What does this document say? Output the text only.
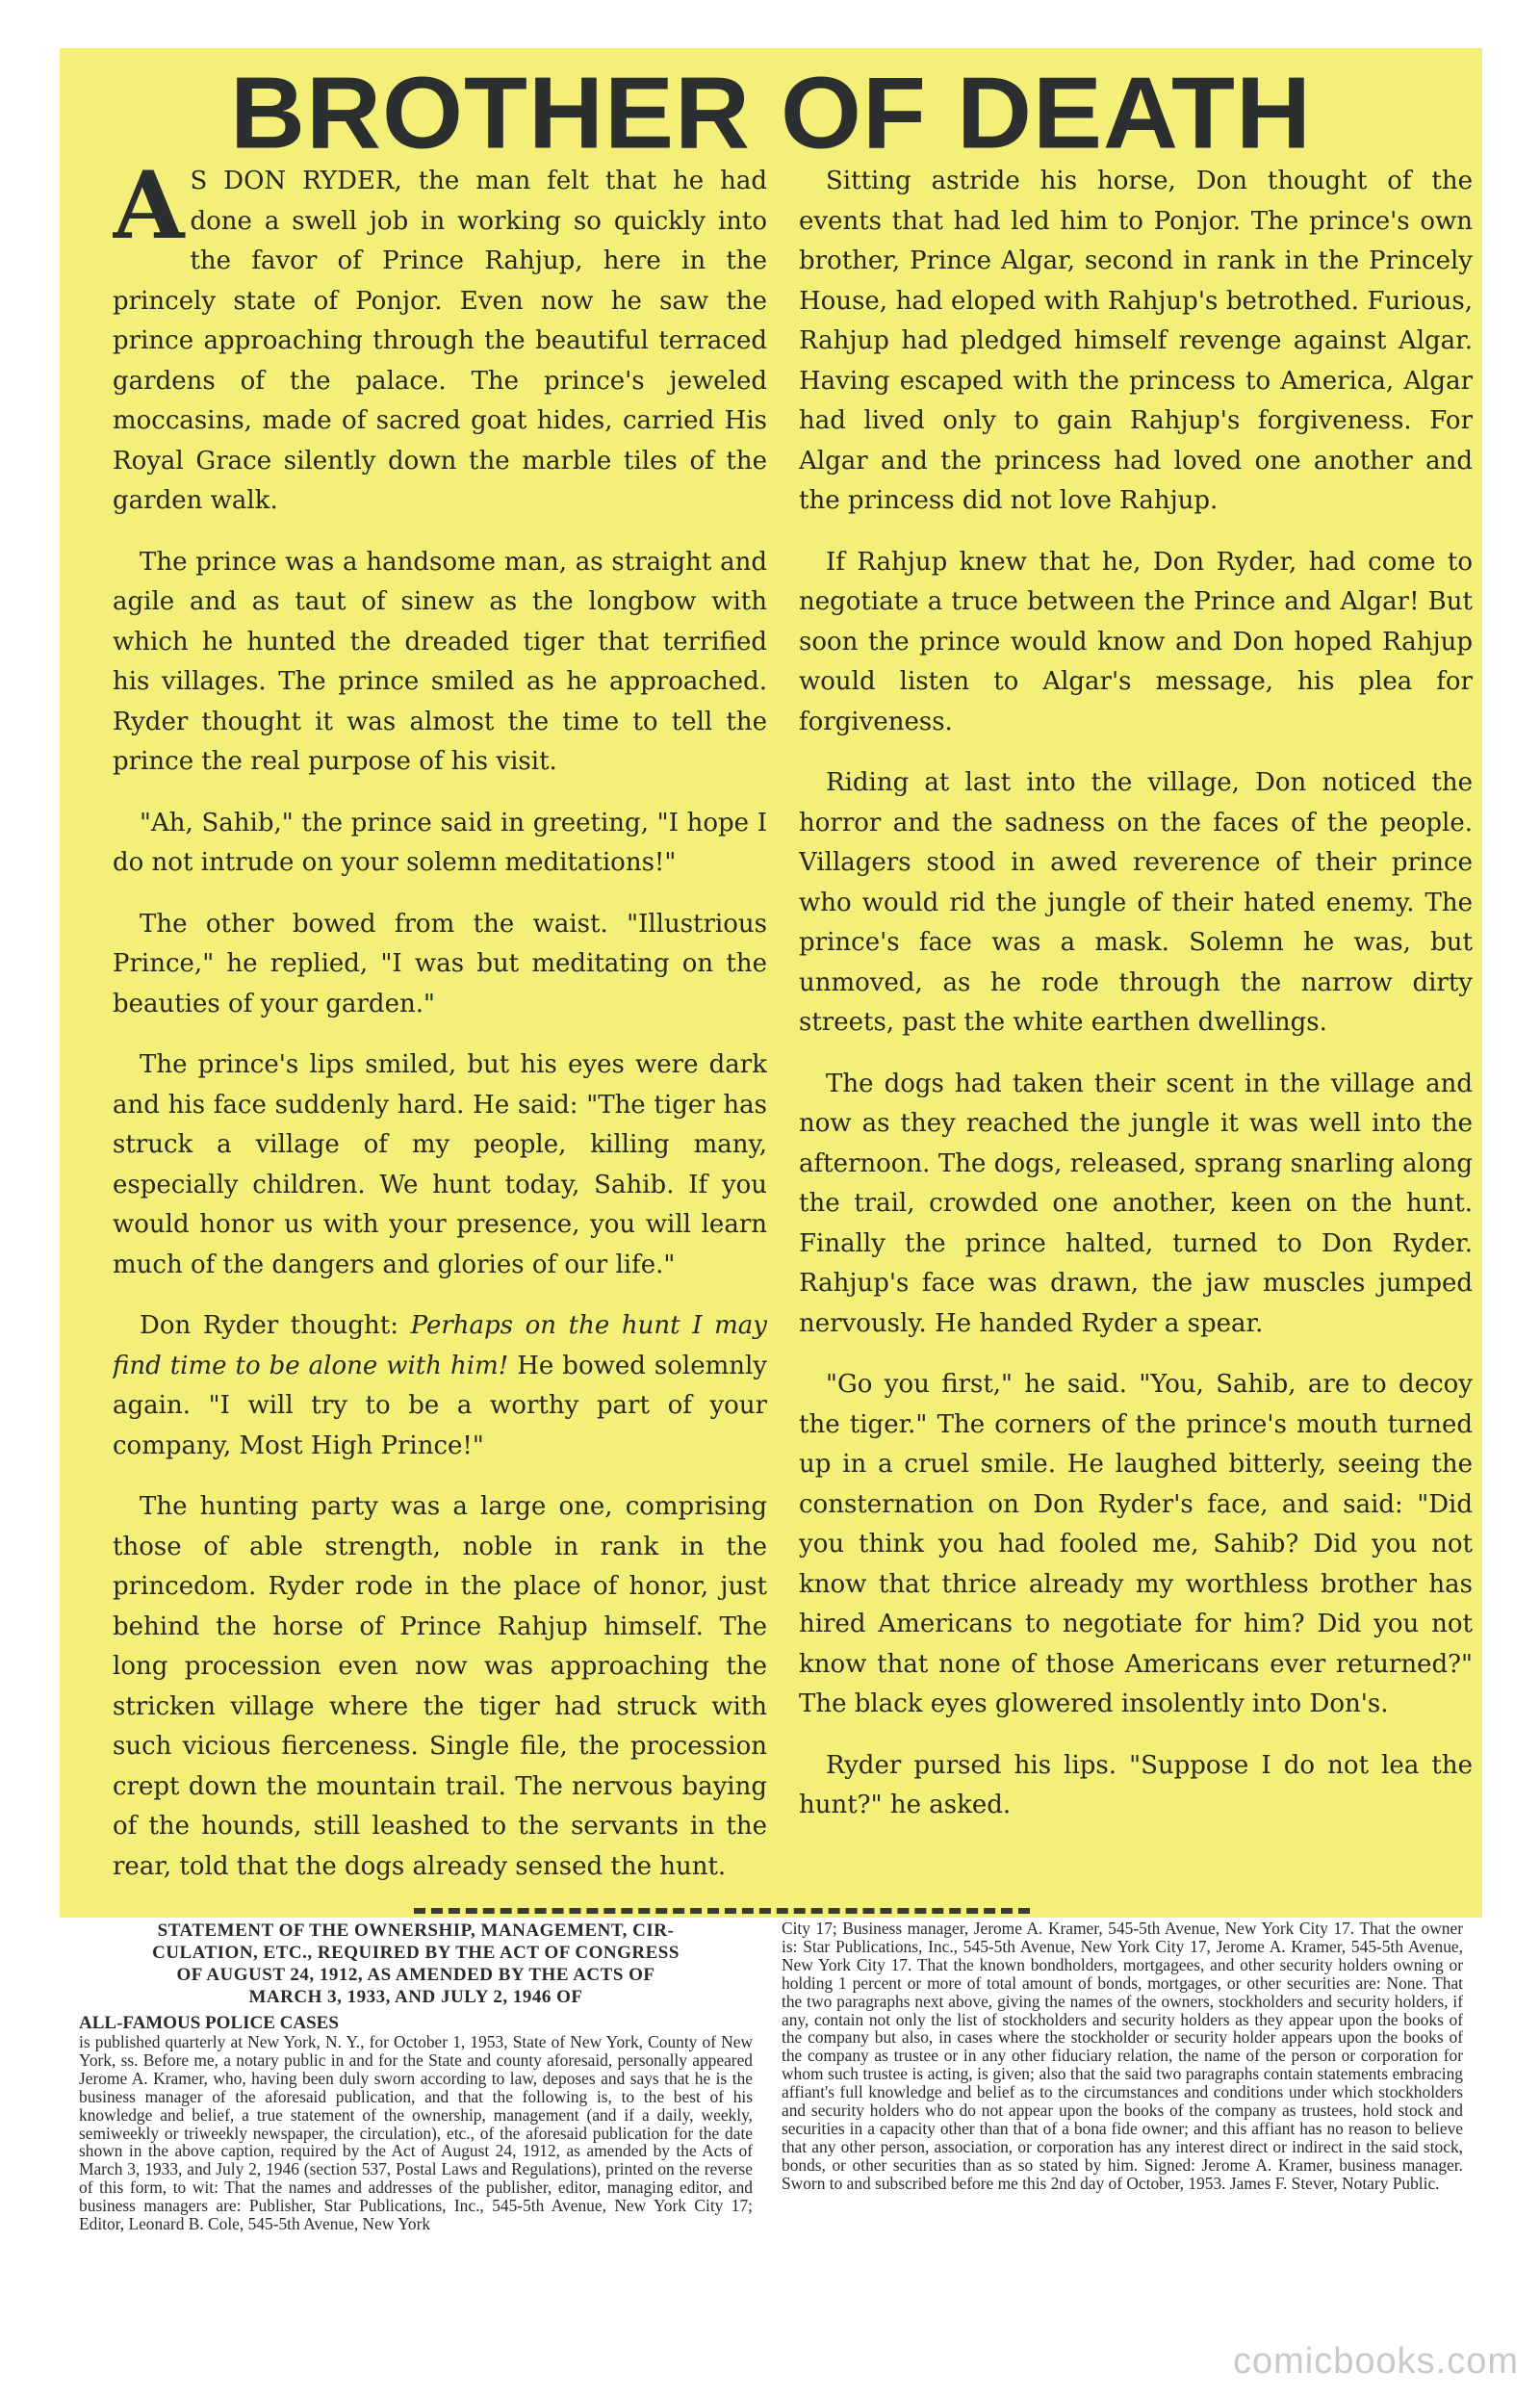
BROTHER OF DEATH

A S DON RYDER, the man felt that he had done a swell job in working so quickly into the favor of Prince Rahjup, here in the princely state of Ponjor. Even now he saw the prince approaching through the beautiful terraced gardens of the palace. The prince's jeweled moccasins, made of sacred goat hides, carried His Royal Grace silently down the marble tiles of the garden walk.

The prince was a handsome man, as straight and agile and as taut of sinew as the longbow with which he hunted the dreaded tiger that terrified his villages. The prince smiled as he approached. Ryder thought it was almost the time to tell the prince the real purpose of his visit.

"Ah, Sahib," the prince said in greeting, "I hope I do not intrude on your solemn meditations!"

The other bowed from the waist. "Illustrious Prince," he replied, "I was but meditating on the beauties of your garden."

The prince's lips smiled, but his eyes were dark and his face suddenly hard. He said: "The tiger has struck a village of my people, killing many, especially children. We hunt today, Sahib. If you would honor us with your presence, you will learn much of the dangers and glories of our life."

Don Ryder thought: Perhaps on the hunt I may find time to be alone with him! He bowed solemnly again. "I will try to be a worthy part of your company, Most High Prince!"

The hunting party was a large one, comprising those of able strength, noble in rank in the princedom. Ryder rode in the place of honor, just behind the horse of Prince Rahjup himself. The long procession even now was approaching the stricken village where the tiger had struck with such vicious fierceness. Single file, the procession crept down the mountain trail. The nervous baying of the hounds, still leashed to the servants in the rear, told that the dogs already sensed the hunt.

Sitting astride his horse, Don thought of the events that had led him to Ponjor. The prince's own brother, Prince Algar, second in rank in the Princely House, had eloped with Rahjup's betrothed. Furious, Rahjup had pledged himself revenge against Algar. Having escaped with the princess to America, Algar had lived only to gain Rahjup's forgiveness. For Algar and the princess had loved one another and the princess did not love Rahjup.

If Rahjup knew that he, Don Ryder, had come to negotiate a truce between the Prince and Algar! But soon the prince would know and Don hoped Rahjup would listen to Algar's message, his plea for forgiveness.

Riding at last into the village, Don noticed the horror and the sadness on the faces of the people. Villagers stood in awed reverence of their prince who would rid the jungle of their hated enemy. The prince's face was a mask. Solemn he was, but unmoved, as he rode through the narrow dirty streets, past the white earthen dwellings.

The dogs had taken their scent in the village and now as they reached the jungle it was well into the afternoon. The dogs, released, sprang snarling along the trail, crowded one another, keen on the hunt. Finally the prince halted, turned to Don Ryder. Rahjup's face was drawn, the jaw muscles jumped nervously. He handed Ryder a spear.

"Go you first," he said. "You, Sahib, are to decoy the tiger." The corners of the prince's mouth turned up in a cruel smile. He laughed bitterly, seeing the consternation on Don Ryder's face, and said: "Did you think you had fooled me, Sahib? Did you not know that thrice already my worthless brother has hired Americans to negotiate for him? Did you not know that none of those Americans ever returned?" The black eyes glowered insolently into Don's.

Ryder pursed his lips. "Suppose I do not lea the hunt?" he asked.

STATEMENT OF THE OWNERSHIP, MANAGEMENT, CIR-
CULATION, ETC., REQUIRED BY THE ACT OF CONGRESS
OF AUGUST 24, 1912, AS AMENDED BY THE ACTS OF
MARCH 3, 1933, AND JULY 2, 1946 OF

ALL-FAMOUS POLICE CASES

is published quarterly at New York, N. Y., for October 1, 1953, State of New York, County of New York, ss. Before me, a notary public in and for the State and county aforesaid, personally appeared Jerome A. Kramer, who, having been duly sworn according to law, deposes and says that he is the business manager of the aforesaid publication, and that the following is, to the best of his knowledge and belief, a true statement of the ownership, management (and if a daily, weekly, semiweekly or triweekly newspaper, the circulation), etc., of the aforesaid publication for the date shown in the above caption, required by the Act of August 24, 1912, as amended by the Acts of March 3, 1933, and July 2, 1946 (section 537, Postal Laws and Regulations), printed on the reverse of this form, to wit: That the names and addresses of the publisher, editor, managing editor, and business managers are: Publisher, Star Publications, Inc., 545-5th Avenue, New York City 17; Editor, Leonard B. Cole, 545-5th Avenue, New York

City 17; Business manager, Jerome A. Kramer, 545-5th Avenue, New York City 17. That the owner is: Star Publications, Inc., 545-5th Avenue, New York City 17, Jerome A. Kramer, 545-5th Avenue, New York City 17. That the known bondholders, mortgagees, and other security holders owning or holding 1 percent or more of total amount of bonds, mortgages, or other securities are: None. That the two paragraphs next above, giving the names of the owners, stockholders and security holders, if any, contain not only the list of stockholders and security holders as they appear upon the books of the company but also, in cases where the stockholder or security holder appears upon the books of the company as trustee or in any other fiduciary relation, the name of the person or corporation for whom such trustee is acting, is given; also that the said two paragraphs contain statements embracing affiant's full knowledge and belief as to the circumstances and conditions under which stockholders and security holders who do not appear upon the books of the company as trustees, hold stock and securities in a capacity other than that of a bona fide owner; and this affiant has no reason to believe that any other person, association, or corporation has any interest direct or indirect in the said stock, bonds, or other securities than as so stated by him. Signed: Jerome A. Kramer, business manager. Sworn to and subscribed before me this 2nd day of October, 1953. James F. Stever, Notary Public.

comicbooks.com
